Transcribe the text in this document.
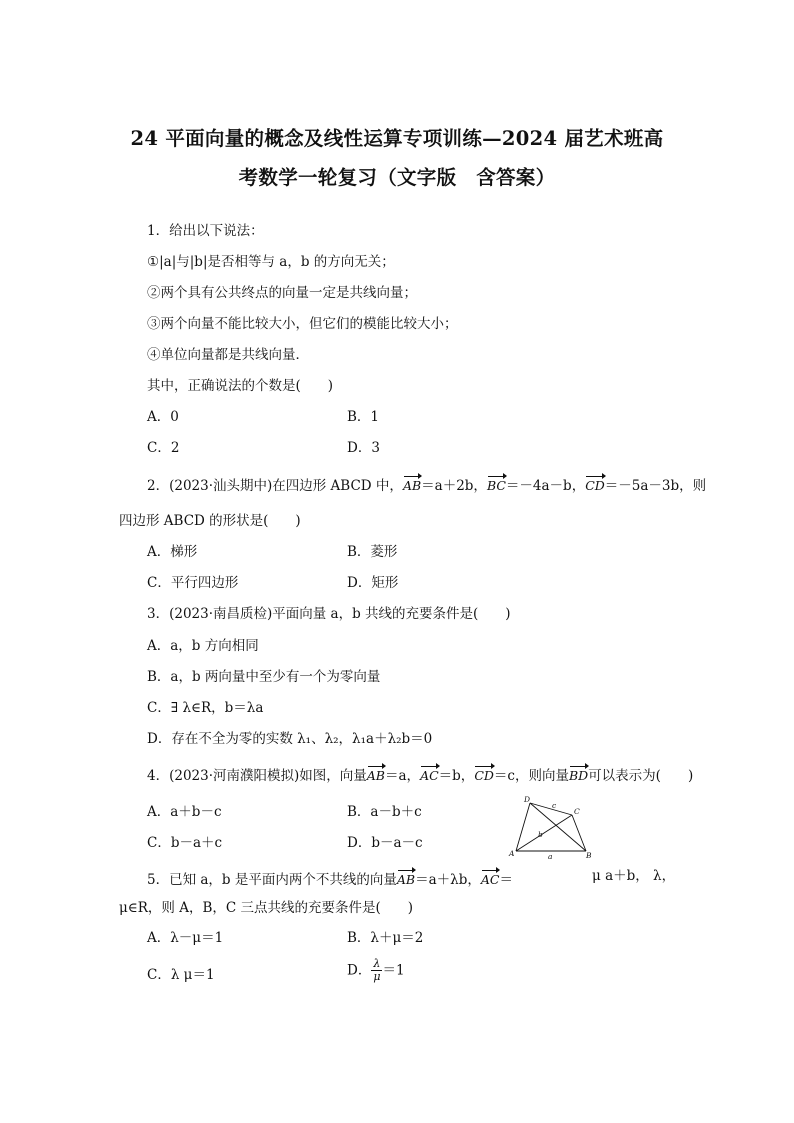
24 平面向量的概念及线性运算专项训练—2024 届艺术班高
考数学一轮复习（文字版　含答案）
1．给出以下说法：
①|a|与|b|是否相等与 a，b 的方向无关；
②两个具有公共终点的向量一定是共线向量；
③两个向量不能比较大小，但它们的模能比较大小；
④单位向量都是共线向量．
其中，正确说法的个数是(　　)
A．0	B．1
C．2	D．3
2．(2023·汕头期中)在四边形 ABCD 中，AB＝a＋2b，BC＝－4a－b，CD＝－5a－3b，则
四边形 ABCD 的形状是(　　)
A．梯形	B．菱形
C．平行四边形	D．矩形
3．(2023·南昌质检)平面向量 a，b 共线的充要条件是(　　)
A．a，b 方向相同
B．a，b 两向量中至少有一个为零向量
C．∃ λ∈R，b＝λa
D．存在不全为零的实数 λ₁、λ₂，λ₁a＋λ₂b＝0
4．(2023·河南濮阳模拟)如图，向量AB＝a，AC＝b，CD＝c，则向量BD可以表示为(　　)
A．a＋b－c	B．a－b＋c
C．b－a＋c	D．b－a－c
A	B
C
D
a
b
c
5．已知 a，b 是平面内两个不共线的向量AB＝a＋λb，AC＝	μ a＋b， λ，
μ∈R，则 A，B，C 三点共线的充要条件是(　　)
A．λ－μ＝1	B．λ＋μ＝2
C．λ μ＝1	D． $\frac{\lambda}{\mu} =1$
